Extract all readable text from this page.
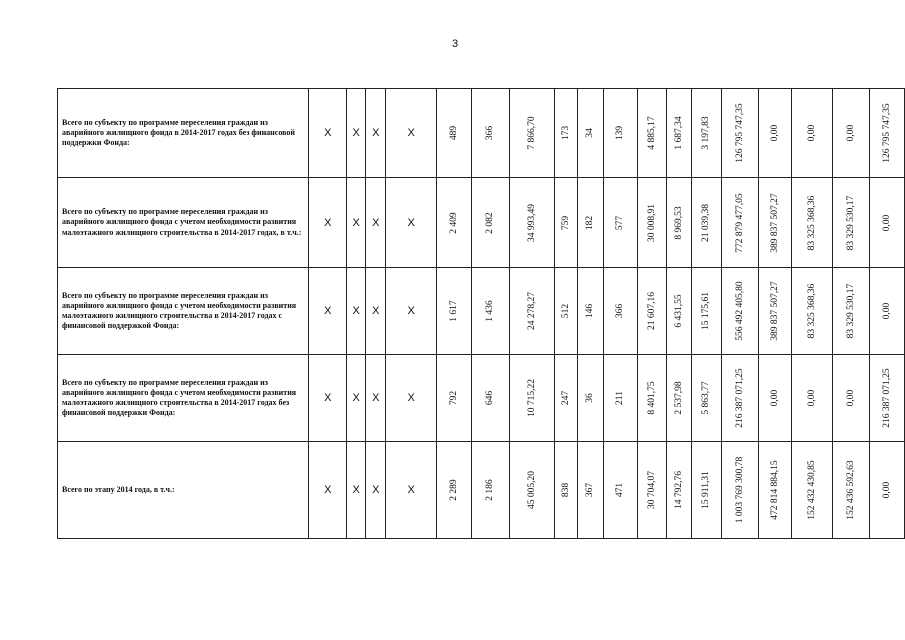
3
Всего по субъекту по программе переселения граждан из аварийного жилищного фонда в 2014-2017 годах без финансовой поддержки Фонда:	X	X	X	X	489	366	7 866,70	173	34	139	4 885,17	1 687,34	3 197,83	126 795 747,35	0,00	0,00	0,00	126 795 747,35

Всего по субъекту по программе переселения граждан из аварийного жилищного фонда с учетом необходимости развития малоэтажного жилищного строительства в 2014-2017 годах, в т.ч.:	X	X	X	X	2 409	2 082	34 993,49	759	182	577	30 008,91	8 969,53	21 039,38	772 879 477,05	389 837 507,27	83 325 368,36	83 329 530,17	0,00

Всего по субъекту по программе переселения граждан из аварийного жилищного фонда с учетом необходимости развития малоэтажного жилищного строительства в 2014-2017 годах с финансовой поддержкой Фонда:	X	X	X	X	1 617	1 436	24 278,27	512	146	366	21 607,16	6 431,55	15 175,61	556 492 405,80	389 837 507,27	83 325 368,36	83 329 530,17	0,00

Всего по субъекту по программе переселения граждан из аварийного жилищного фонда с учетом необходимости развития малоэтажного жилищного строительства в 2014-2017 годах без финансовой поддержки Фонда:	X	X	X	X	792	646	10 715,22	247	36	211	8 401,75	2 537,98	5 863,77	216 387 071,25	0,00	0,00	0,00	216 387 071,25

Всего по этапу 2014 года, в т.ч.:	X	X	X	X	2 289	2 186	45 005,20	838	367	471	30 704,07	14 792,76	15 911,31	1 003 769 300,78	472 814 884,15	152 432 430,85	152 436 592,63	0,00
